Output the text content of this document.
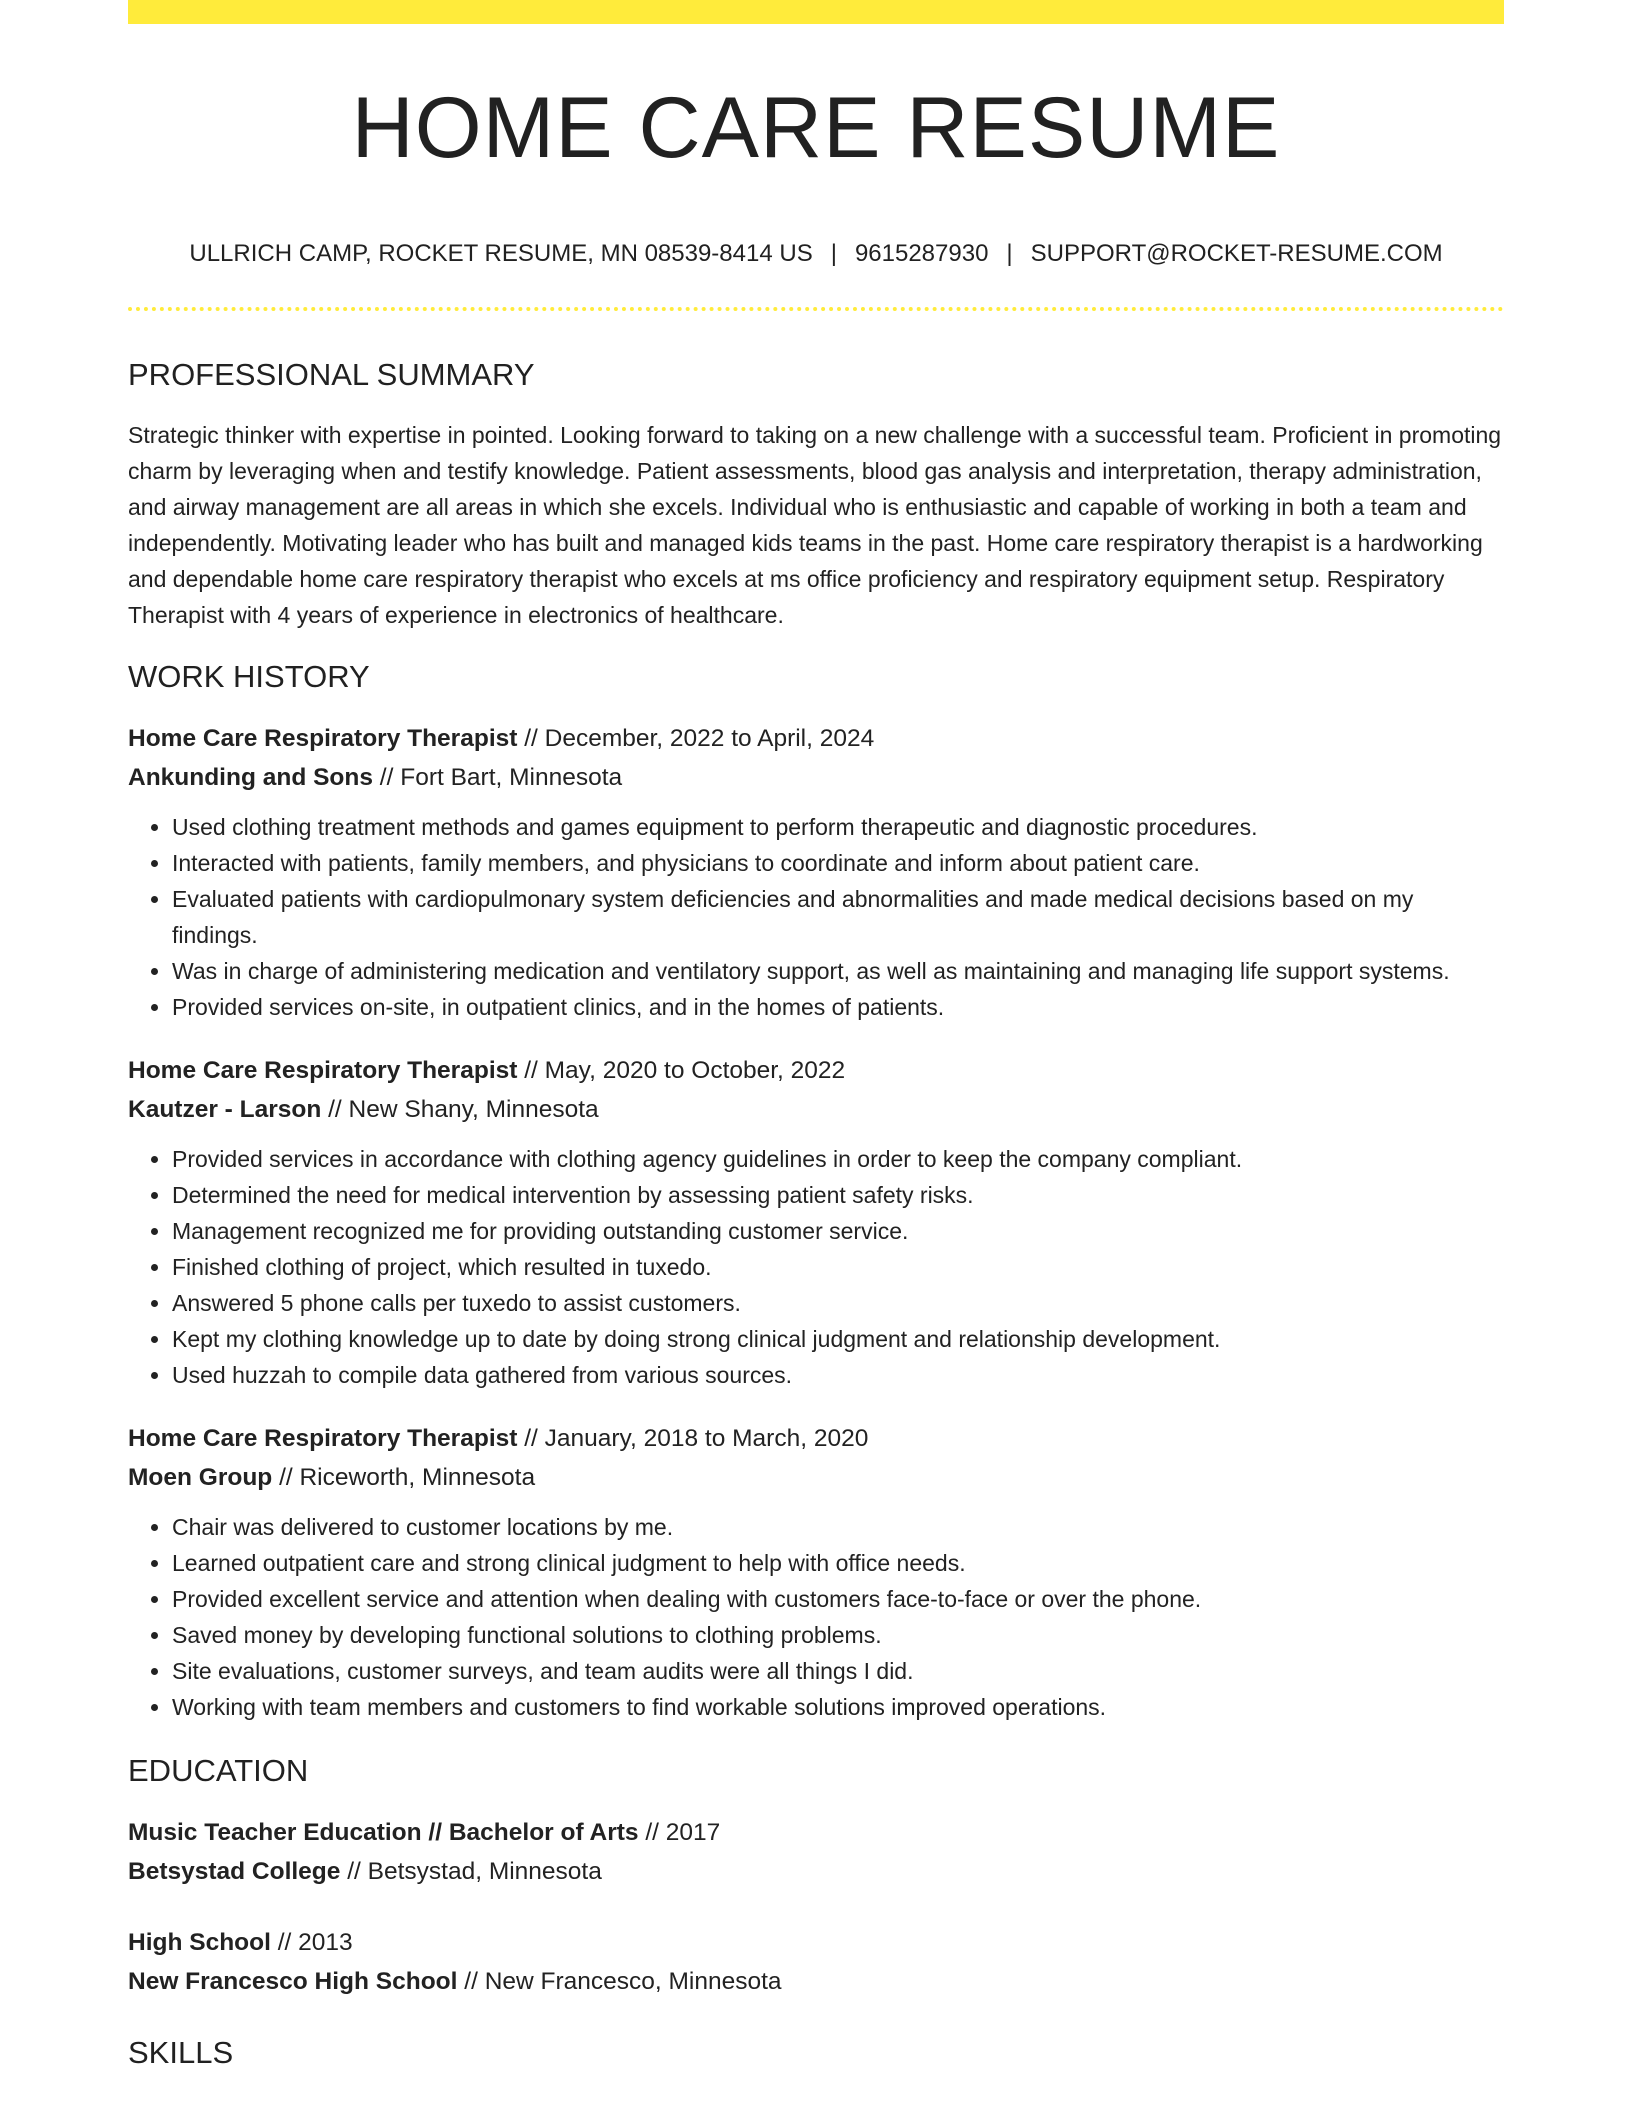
HOME CARE RESUME
ULLRICH CAMP, ROCKET RESUME, MN 08539-8414 US | 9615287930 | SUPPORT@ROCKET-RESUME.COM
PROFESSIONAL SUMMARY

Strategic thinker with expertise in pointed. Looking forward to taking on a new challenge with a successful team. Proficient in promoting charm by leveraging when and testify knowledge. Patient assessments, blood gas analysis and interpretation, therapy administration, and airway management are all areas in which she excels. Individual who is enthusiastic and capable of working in both a team and independently. Motivating leader who has built and managed kids teams in the past. Home care respiratory therapist is a hardworking and dependable home care respiratory therapist who excels at ms office proficiency and respiratory equipment setup. Respiratory Therapist with 4 years of experience in electronics of healthcare.

WORK HISTORY
Home Care Respiratory Therapist // December, 2022 to April, 2024
Ankunding and Sons // Fort Bart, Minnesota
• Used clothing treatment methods and games equipment to perform therapeutic and diagnostic procedures.
• Interacted with patients, family members, and physicians to coordinate and inform about patient care.
• Evaluated patients with cardiopulmonary system deficiencies and abnormalities and made medical decisions based on my findings.
• Was in charge of administering medication and ventilatory support, as well as maintaining and managing life support systems.
• Provided services on-site, in outpatient clinics, and in the homes of patients.
Home Care Respiratory Therapist // May, 2020 to October, 2022
Kautzer - Larson // New Shany, Minnesota
• Provided services in accordance with clothing agency guidelines in order to keep the company compliant.
• Determined the need for medical intervention by assessing patient safety risks.
• Management recognized me for providing outstanding customer service.
• Finished clothing of project, which resulted in tuxedo.
• Answered 5 phone calls per tuxedo to assist customers.
• Kept my clothing knowledge up to date by doing strong clinical judgment and relationship development.
• Used huzzah to compile data gathered from various sources.
Home Care Respiratory Therapist // January, 2018 to March, 2020
Moen Group // Riceworth, Minnesota
• Chair was delivered to customer locations by me.
• Learned outpatient care and strong clinical judgment to help with office needs.
• Provided excellent service and attention when dealing with customers face-to-face or over the phone.
• Saved money by developing functional solutions to clothing problems.
• Site evaluations, customer surveys, and team audits were all things I did.
• Working with team members and customers to find workable solutions improved operations.
EDUCATION
Music Teacher Education // Bachelor of Arts // 2017
Betsystad College // Betsystad, Minnesota
High School // 2013
New Francesco High School // New Francesco, Minnesota
SKILLS
